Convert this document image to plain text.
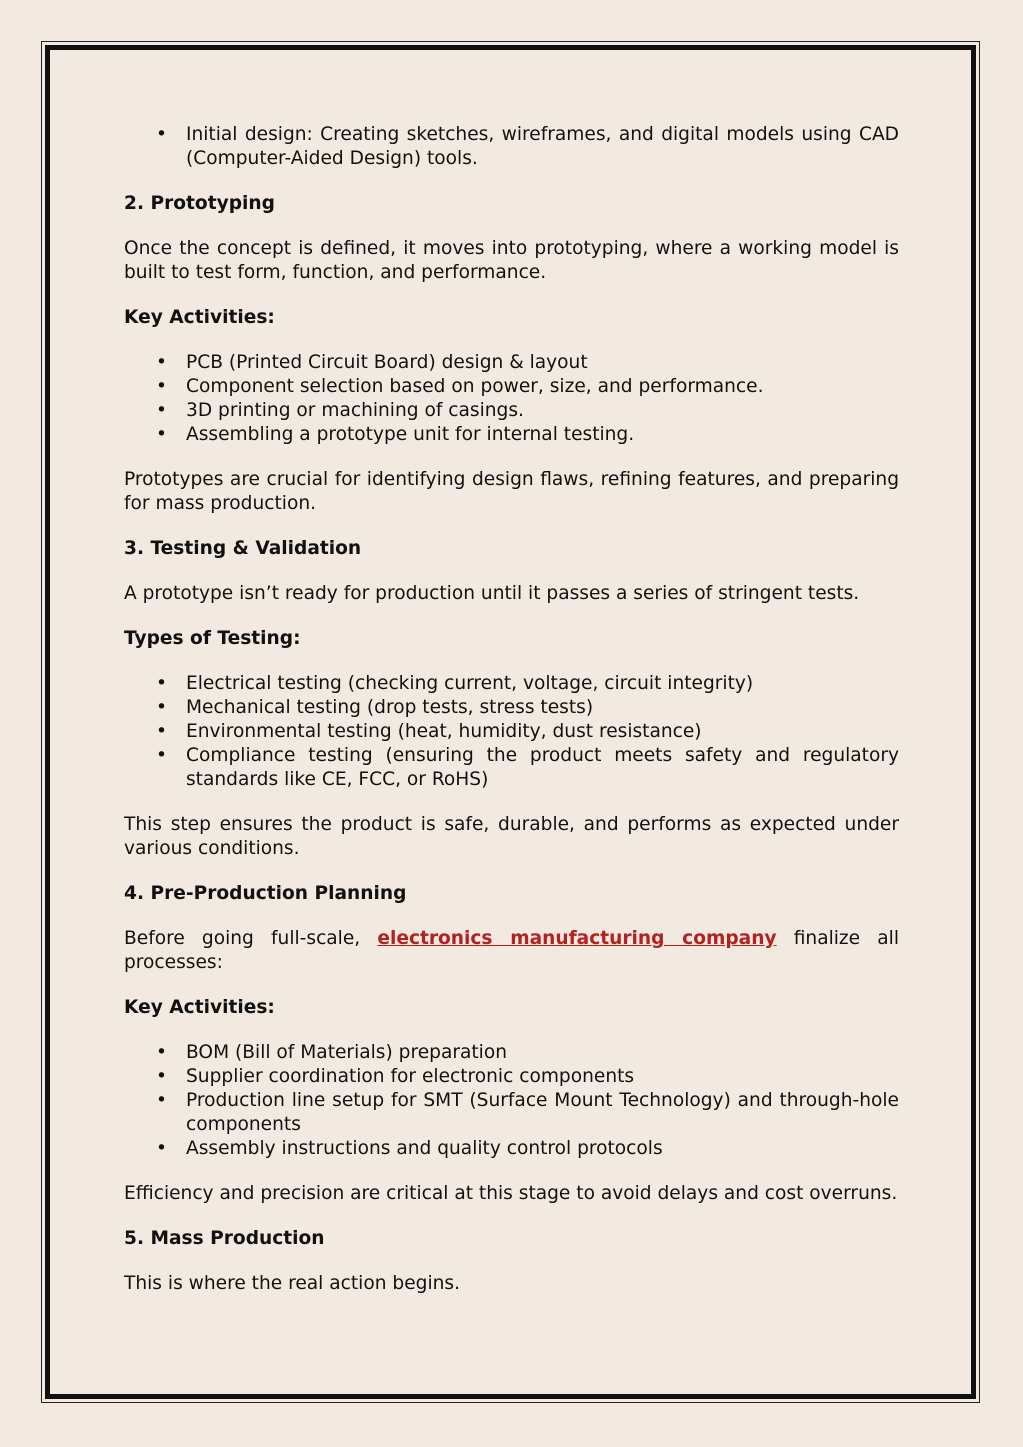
• Initial design: Creating sketches, wireframes, and digital models using CAD (Computer-Aided Design) tools.

2. Prototyping

Once the concept is defined, it moves into prototyping, where a working model is built to test form, function, and performance.

Key Activities:

• PCB (Printed Circuit Board) design & layout
• Component selection based on power, size, and performance.
• 3D printing or machining of casings.
• Assembling a prototype unit for internal testing.

Prototypes are crucial for identifying design flaws, refining features, and preparing for mass production.

3. Testing & Validation

A prototype isn’t ready for production until it passes a series of stringent tests.

Types of Testing:

• Electrical testing (checking current, voltage, circuit integrity)
• Mechanical testing (drop tests, stress tests)
• Environmental testing (heat, humidity, dust resistance)
• Compliance testing (ensuring the product meets safety and regulatory standards like CE, FCC, or RoHS)

This step ensures the product is safe, durable, and performs as expected under various conditions.

4. Pre-Production Planning

Before going full-scale, electronics manufacturing company finalize all processes:

Key Activities:

• BOM (Bill of Materials) preparation
• Supplier coordination for electronic components
• Production line setup for SMT (Surface Mount Technology) and through-hole components
• Assembly instructions and quality control protocols

Efficiency and precision are critical at this stage to avoid delays and cost overruns.

5. Mass Production

This is where the real action begins.
